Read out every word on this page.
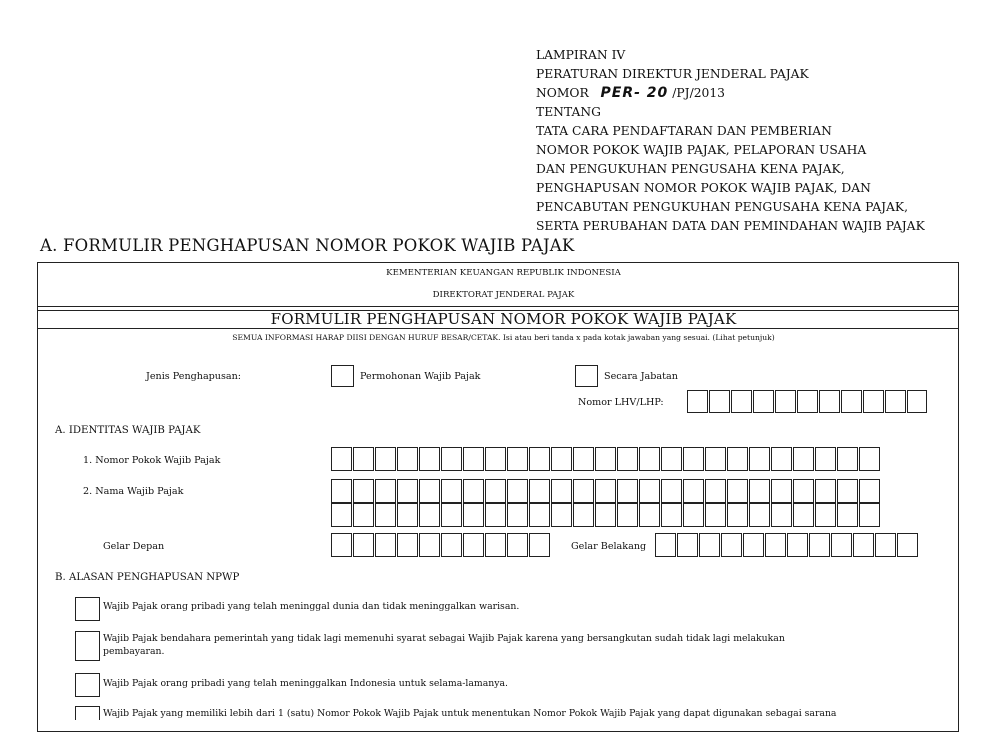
LAMPIRAN IV
PERATURAN DIREKTUR JENDERAL PAJAK
NOMOR PER- 20 /PJ/2013
TENTANG
TATA CARA PENDAFTARAN DAN PEMBERIAN
NOMOR POKOK WAJIB PAJAK, PELAPORAN USAHA
DAN PENGUKUHAN PENGUSAHA KENA PAJAK,
PENGHAPUSAN NOMOR POKOK WAJIB PAJAK, DAN
PENCABUTAN PENGUKUHAN PENGUSAHA KENA PAJAK,
SERTA PERUBAHAN DATA DAN PEMINDAHAN WAJIB PAJAK
A. FORMULIR PENGHAPUSAN NOMOR POKOK WAJIB PAJAK
KEMENTERIAN KEUANGAN REPUBLIK INDONESIA
DIREKTORAT JENDERAL PAJAK
FORMULIR PENGHAPUSAN NOMOR POKOK WAJIB PAJAK
SEMUA INFORMASI HARAP DIISI DENGAN HURUF BESAR/CETAK. Isi atau beri tanda x pada kotak jawaban yang sesuai. (Lihat petunjuk)
Jenis Penghapusan:	Permohonan Wajib Pajak	Secara Jabatan
Nomor LHV/LHP:
A. IDENTITAS WAJIB PAJAK
1. Nomor Pokok Wajib Pajak
2. Nama Wajib Pajak
Gelar Depan	Gelar Belakang
B. ALASAN PENGHAPUSAN NPWP
Wajib Pajak orang pribadi yang telah meninggal dunia dan tidak meninggalkan warisan.
Wajib Pajak bendahara pemerintah yang tidak lagi memenuhi syarat sebagai Wajib Pajak karena yang bersangkutan sudah tidak lagi melakukan
pembayaran.
Wajib Pajak orang pribadi yang telah meninggalkan Indonesia untuk selama-lamanya.
Wajib Pajak yang memiliki lebih dari 1 (satu) Nomor Pokok Wajib Pajak untuk menentukan Nomor Pokok Wajib Pajak yang dapat digunakan sebagai sarana
